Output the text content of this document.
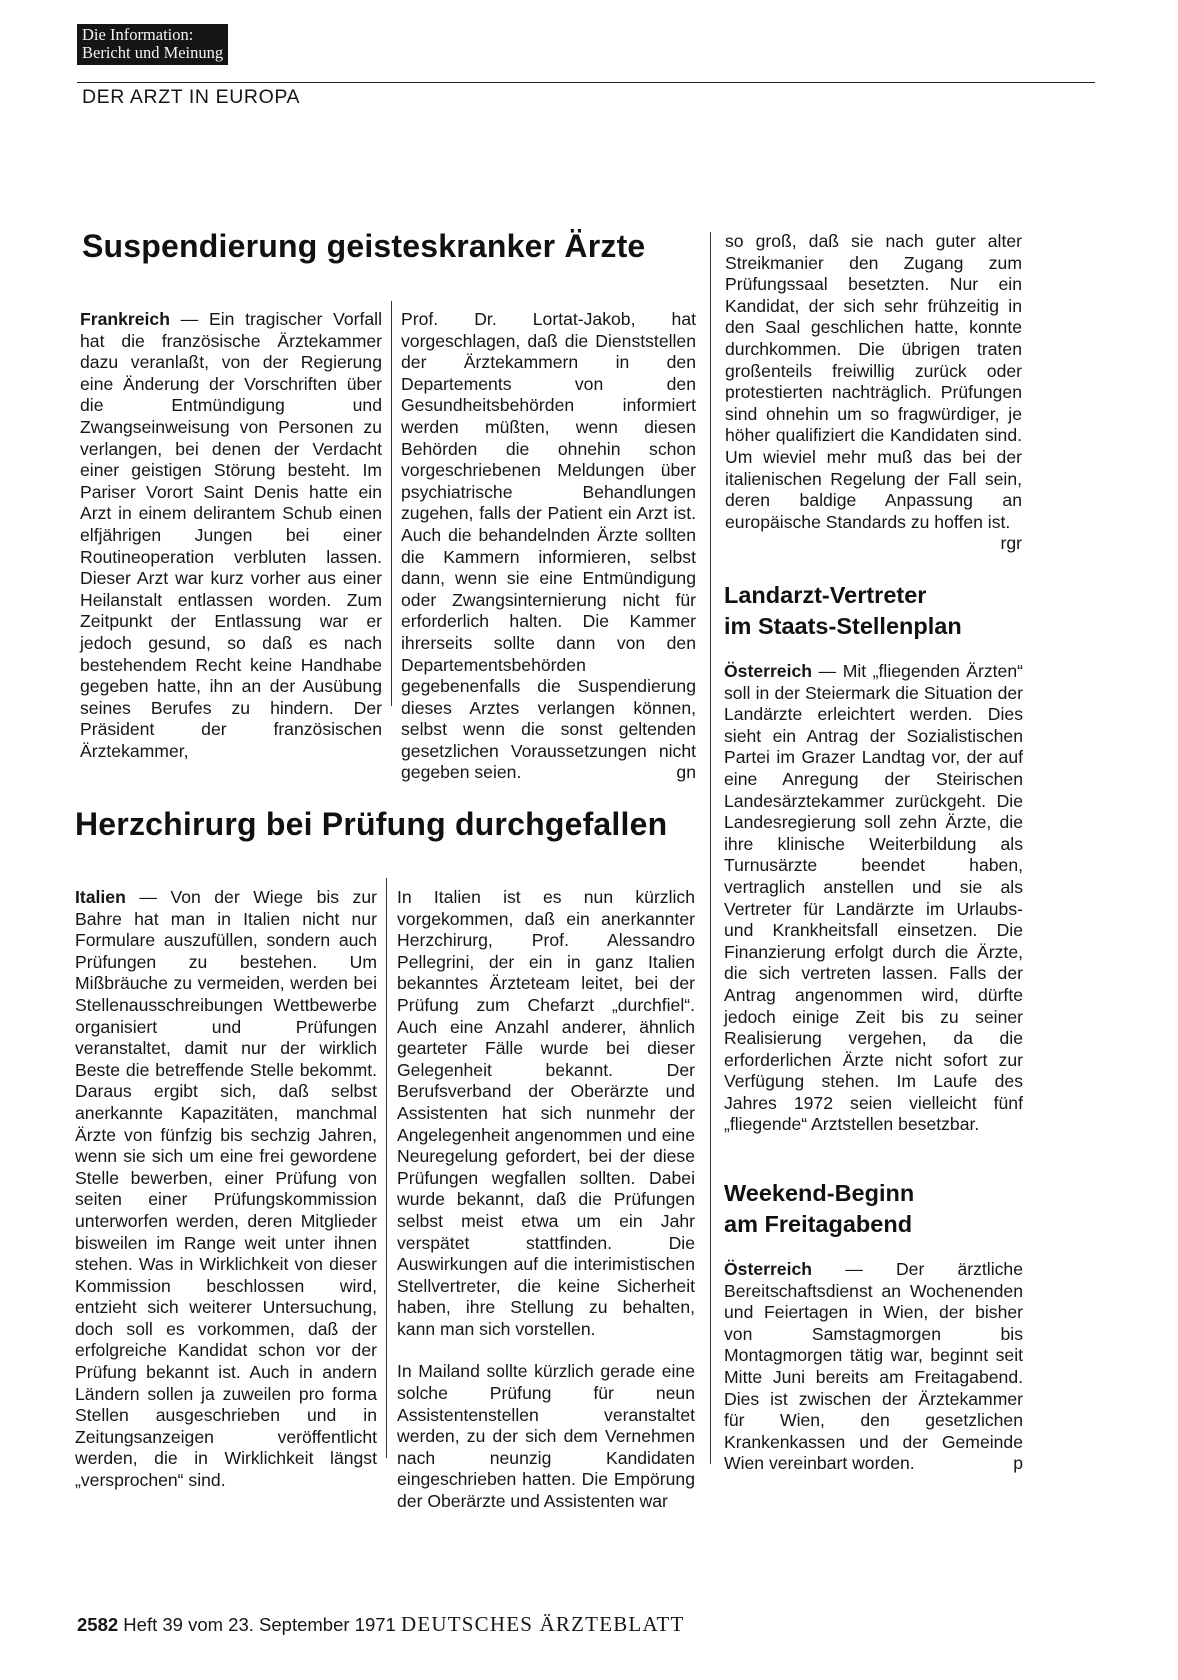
Die Information:
Bericht und Meinung
DER ARZT IN EUROPA
Suspendierung geisteskranker Ärzte

Frankreich — Ein tragischer Vorfall hat die französische Ärztekammer dazu veranlaßt, von der Regierung eine Änderung der Vorschriften über die Entmündigung und Zwangseinweisung von Personen zu verlangen, bei denen der Verdacht einer geistigen Störung besteht. Im Pariser Vorort Saint Denis hatte ein Arzt in einem delirantem Schub einen elfjährigen Jungen bei einer Routineoperation verbluten lassen. Dieser Arzt war kurz vorher aus einer Heilanstalt entlassen worden. Zum Zeitpunkt der Entlassung war er jedoch gesund, so daß es nach bestehendem Recht keine Handhabe gegeben hatte, ihn an der Ausübung seines Berufes zu hindern. Der Präsident der französischen Ärztekammer,

Prof. Dr. Lortat-Jakob, hat vorgeschlagen, daß die Dienststellen der Ärztekammern in den Departements von den Gesundheitsbehörden informiert werden müßten, wenn diesen Behörden die ohnehin schon vorgeschriebenen Meldungen über psychiatrische Behandlungen zugehen, falls der Patient ein Arzt ist. Auch die behandelnden Ärzte sollten die Kammern informieren, selbst dann, wenn sie eine Entmündigung oder Zwangsinternierung nicht für erforderlich halten. Die Kammer ihrerseits sollte dann von den Departementsbehörden gegebenenfalls die Suspendierung dieses Arztes verlangen können, selbst wenn die sonst geltenden gesetzlichen Voraussetzungen nicht gegeben seien.	gn

Herzchirurg bei Prüfung durchgefallen

Italien — Von der Wiege bis zur Bahre hat man in Italien nicht nur Formulare auszufüllen, sondern auch Prüfungen zu bestehen. Um Mißbräuche zu vermeiden, werden bei Stellenausschreibungen Wettbewerbe organisiert und Prüfungen veranstaltet, damit nur der wirklich Beste die betreffende Stelle bekommt. Daraus ergibt sich, daß selbst anerkannte Kapazitäten, manchmal Ärzte von fünfzig bis sechzig Jahren, wenn sie sich um eine frei gewordene Stelle bewerben, einer Prüfung von seiten einer Prüfungskommission unterworfen werden, deren Mitglieder bisweilen im Range weit unter ihnen stehen. Was in Wirklichkeit von dieser Kommission beschlossen wird, entzieht sich weiterer Untersuchung, doch soll es vorkommen, daß der erfolgreiche Kandidat schon vor der Prüfung bekannt ist. Auch in andern Ländern sollen ja zuweilen pro forma Stellen ausgeschrieben und in Zeitungsanzeigen veröffentlicht werden, die in Wirklichkeit längst „versprochen“ sind.

In Italien ist es nun kürzlich vorgekommen, daß ein anerkannter Herzchirurg, Prof. Alessandro Pellegrini, der ein in ganz Italien bekanntes Ärzteteam leitet, bei der Prüfung zum Chefarzt „durchfiel“. Auch eine Anzahl anderer, ähnlich gearteter Fälle wurde bei dieser Gelegenheit bekannt. Der Berufsverband der Oberärzte und Assistenten hat sich nunmehr der Angelegenheit angenommen und eine Neuregelung gefordert, bei der diese Prüfungen wegfallen sollten. Dabei wurde bekannt, daß die Prüfungen selbst meist etwa um ein Jahr verspätet stattfinden. Die Auswirkungen auf die interimistischen Stellvertreter, die keine Sicherheit haben, ihre Stellung zu behalten, kann man sich vorstellen.

In Mailand sollte kürzlich gerade eine solche Prüfung für neun Assistentenstellen veranstaltet werden, zu der sich dem Vernehmen nach neunzig Kandidaten eingeschrieben hatten. Die Empörung der Oberärzte und Assistenten war

so groß, daß sie nach guter alter Streikmanier den Zugang zum Prüfungssaal besetzten. Nur ein Kandidat, der sich sehr frühzeitig in den Saal geschlichen hatte, konnte durchkommen. Die übrigen traten großenteils freiwillig zurück oder protestierten nachträglich. Prüfungen sind ohnehin um so fragwürdiger, je höher qualifiziert die Kandidaten sind. Um wieviel mehr muß das bei der italienischen Regelung der Fall sein, deren baldige Anpassung an europäische Standards zu hoffen ist.
rgr

Landarzt-Vertreter
im Staats-Stellenplan

Österreich — Mit „fliegenden Ärzten“ soll in der Steiermark die Situation der Landärzte erleichtert werden. Dies sieht ein Antrag der Sozialistischen Partei im Grazer Landtag vor, der auf eine Anregung der Steirischen Landesärztekammer zurückgeht. Die Landesregierung soll zehn Ärzte, die ihre klinische Weiterbildung als Turnusärzte beendet haben, vertraglich anstellen und sie als Vertreter für Landärzte im Urlaubs- und Krankheitsfall einsetzen. Die Finanzierung erfolgt durch die Ärzte, die sich vertreten lassen. Falls der Antrag angenommen wird, dürfte jedoch einige Zeit bis zu seiner Realisierung vergehen, da die erforderlichen Ärzte nicht sofort zur Verfügung stehen. Im Laufe des Jahres 1972 seien vielleicht fünf „fliegende“ Arztstellen besetzbar.

Weekend-Beginn
am Freitagabend

Österreich — Der ärztliche Bereitschaftsdienst an Wochenenden und Feiertagen in Wien, der bisher von Samstagmorgen bis Montagmorgen tätig war, beginnt seit Mitte Juni bereits am Freitagabend. Dies ist zwischen der Ärztekammer für Wien, den gesetzlichen Krankenkassen und der Gemeinde Wien vereinbart worden.	p

2582 Heft 39 vom 23. September 1971 DEUTSCHES ÄRZTEBLATT
